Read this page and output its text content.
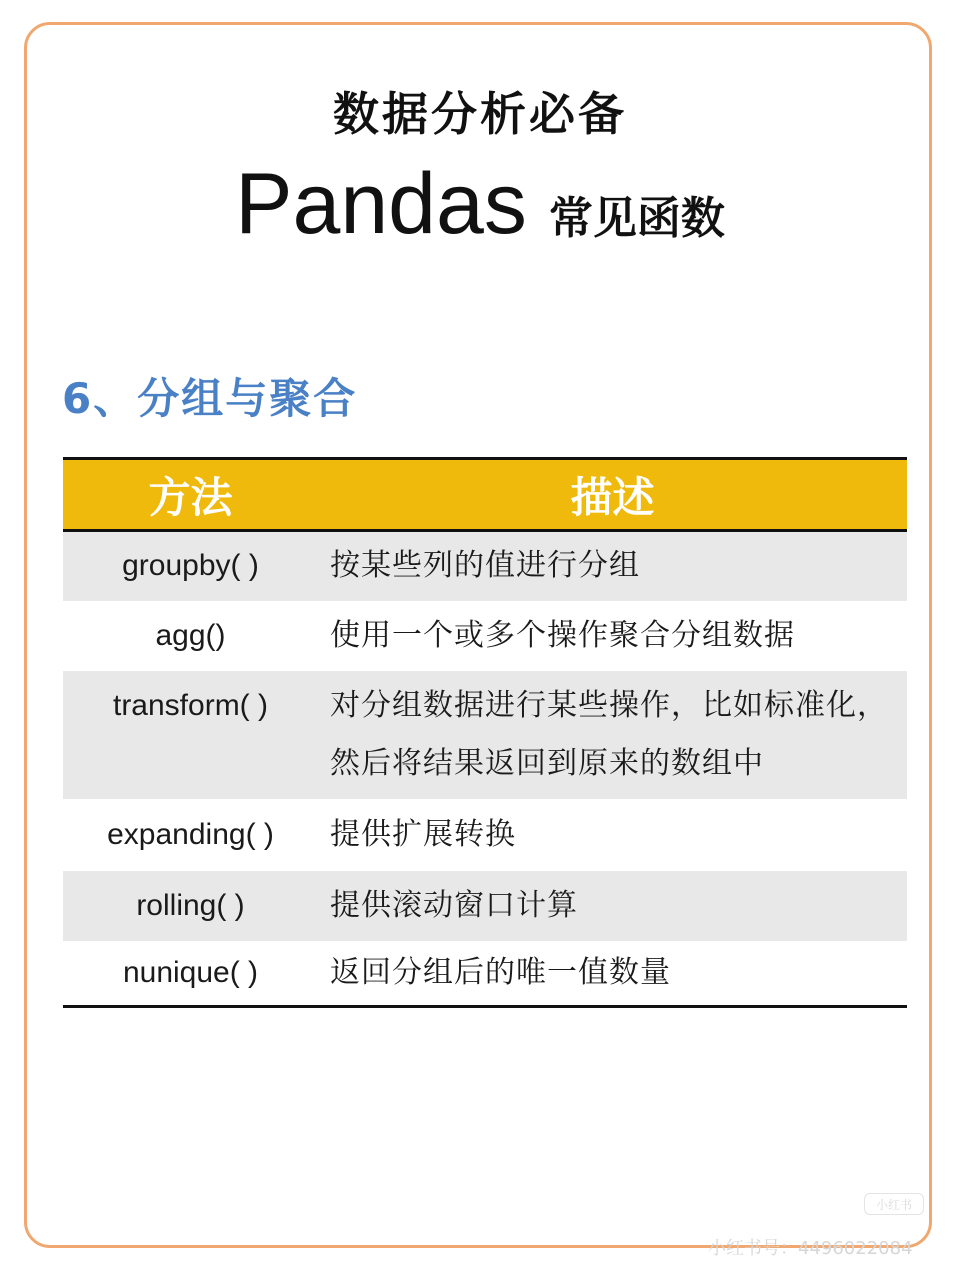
数据分析必备
Pandas 常见函数
6、分组与聚合
方法	描述
groupby( )	按某些列的值进行分组
agg()	使用一个或多个操作聚合分组数据
transform( )	对分组数据进行某些操作，比如标准化，
然后将结果返回到原来的数组中

expanding( )	提供扩展转换
rolling( )	提供滚动窗口计算
nunique( )	返回分组后的唯一值数量
小红书
小红书号：4496022084
